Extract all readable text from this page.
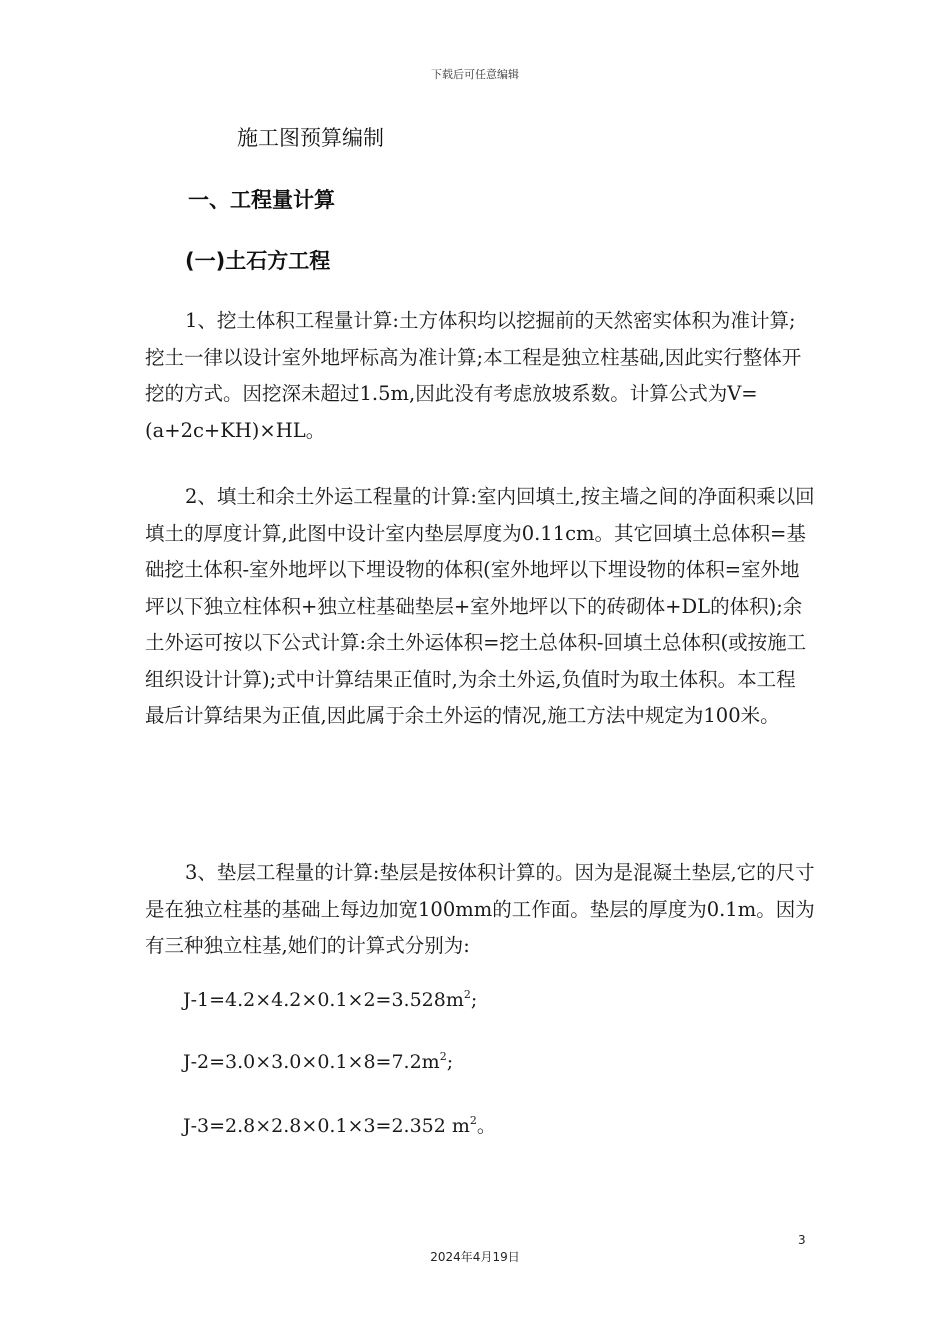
下载后可任意编辑
施工图预算编制
一、工程量计算
(一)土石方工程

1、挖土体积工程量计算:土方体积均以挖掘前的天然密实体积为准计算;挖土一律以设计室外地坪标高为准计算;本工程是独立柱基础,因此实行整体开挖的方式。因挖深未超过1.5m,因此没有考虑放坡系数。计算公式为V=(a+2c+KH)×HL。

2、填土和余土外运工程量的计算:室内回填土,按主墙之间的净面积乘以回填土的厚度计算,此图中设计室内垫层厚度为0.11cm。其它回填土总体积=基础挖土体积-室外地坪以下埋设物的体积(室外地坪以下埋设物的体积=室外地坪以下独立柱体积+独立柱基础垫层+室外地坪以下的砖砌体+DL的体积);余土外运可按以下公式计算:余土外运体积=挖土总体积-回填土总体积(或按施工组织设计计算);式中计算结果正值时,为余土外运,负值时为取土体积。本工程最后计算结果为正值,因此属于余土外运的情况,施工方法中规定为100米。

3、垫层工程量的计算:垫层是按体积计算的。因为是混凝土垫层,它的尺寸是在独立柱基的基础上每边加宽100mm的工作面。垫层的厚度为0.1m。因为有三种独立柱基,她们的计算式分别为:

$J-1=4.2\times 4.2\times 0.1\times 2=3.528m^2$;
$J-2=3.0\times 3.0\times 0.1\times 8=7.2m^2$;
J-3=2.8×2.8×0.1×3=2.352 $m^2$。
3
2024年4月19日
